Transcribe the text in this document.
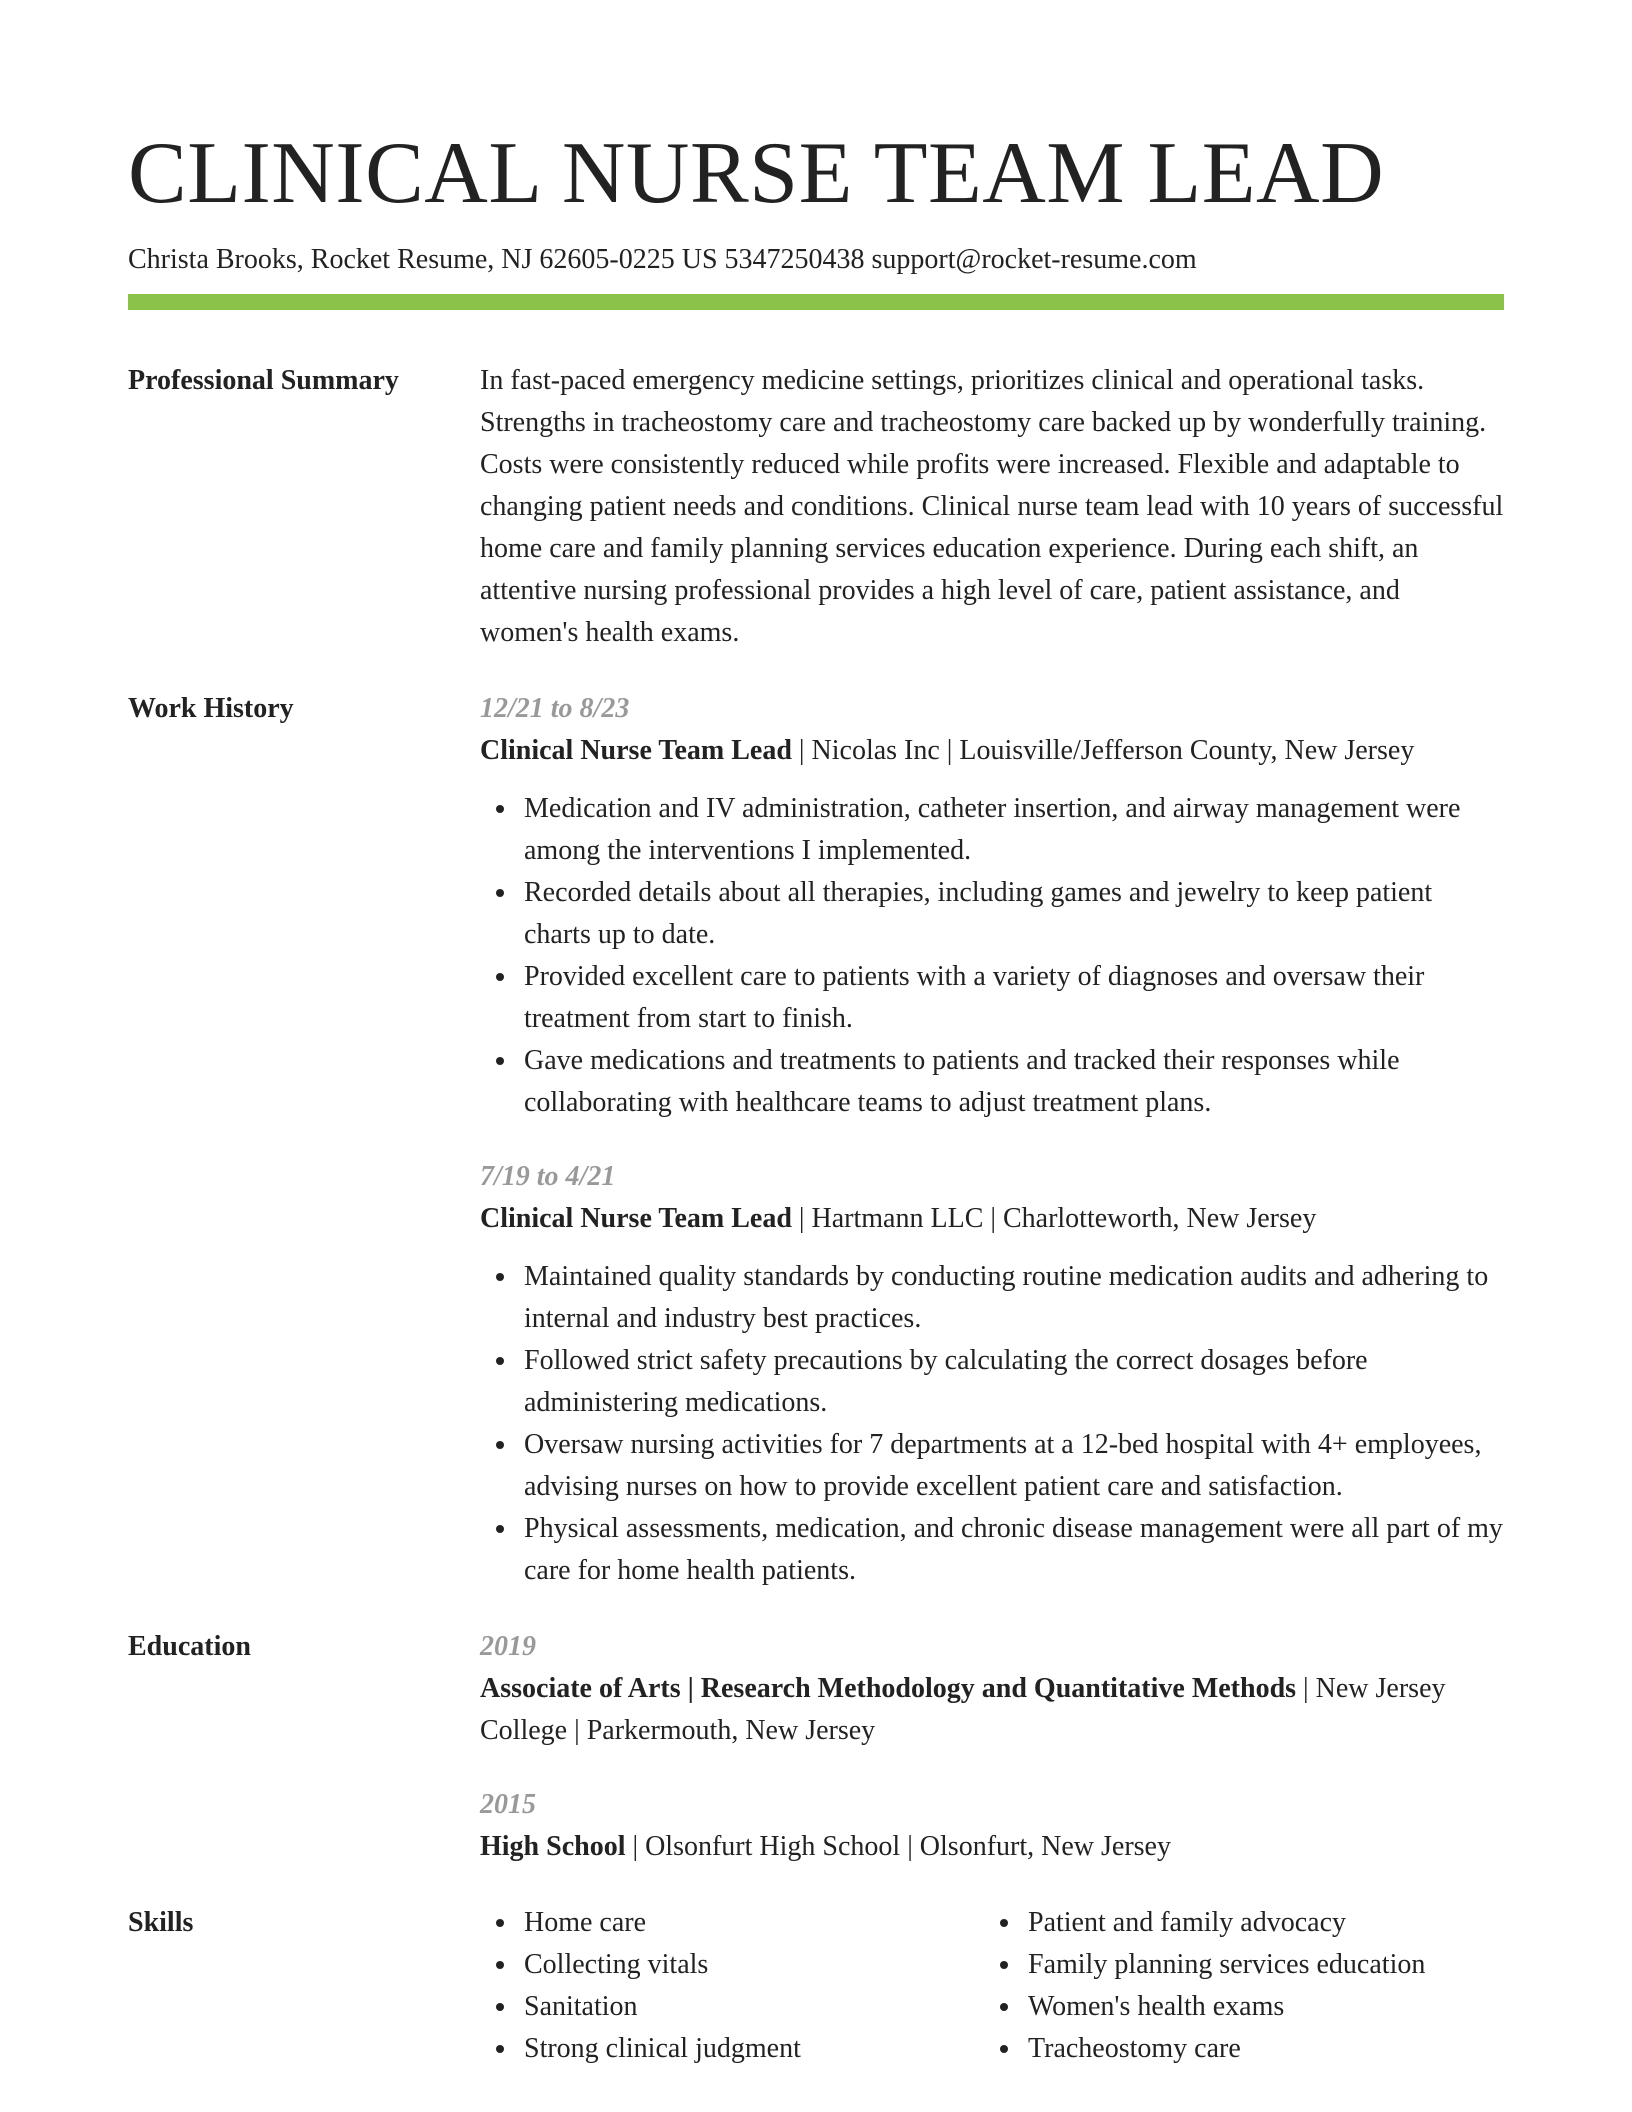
CLINICAL NURSE TEAM LEAD
Christa Brooks, Rocket Resume, NJ 62605-0225 US 5347250438 support@rocket-resume.com
Professional Summary	In fast-paced emergency medicine settings, prioritizes clinical and operational tasks. Strengths in tracheostomy care and tracheostomy care backed up by wonderfully training. Costs were consistently reduced while profits were increased. Flexible and adaptable to changing patient needs and conditions. Clinical nurse team lead with 10 years of successful home care and family planning services education experience. During each shift, an attentive nursing professional provides a high level of care, patient assistance, and women's health exams.
Work History	12/21 to 8/23
Clinical Nurse Team Lead | Nicolas Inc | Louisville/Jefferson County, New Jersey
Medication and IV administration, catheter insertion, and airway management were among the interventions I implemented.
Recorded details about all therapies, including games and jewelry to keep patient charts up to date.
Provided excellent care to patients with a variety of diagnoses and oversaw their treatment from start to finish.
Gave medications and treatments to patients and tracked their responses while collaborating with healthcare teams to adjust treatment plans.
7/19 to 4/21
Clinical Nurse Team Lead | Hartmann LLC | Charlotteworth, New Jersey
Maintained quality standards by conducting routine medication audits and adhering to internal and industry best practices.
Followed strict safety precautions by calculating the correct dosages before administering medications.
Oversaw nursing activities for 7 departments at a 12-bed hospital with 4+ employees, advising nurses on how to provide excellent patient care and satisfaction.
Physical assessments, medication, and chronic disease management were all part of my care for home health patients.
Education	2019
Associate of Arts | Research Methodology and Quantitative Methods | New Jersey College | Parkermouth, New Jersey
2015
High School | Olsonfurt High School | Olsonfurt, New Jersey
Skills	Home care
Collecting vitals
Sanitation
Strong clinical judgment
Patient and family advocacy
Family planning services education
Women's health exams
Tracheostomy care
